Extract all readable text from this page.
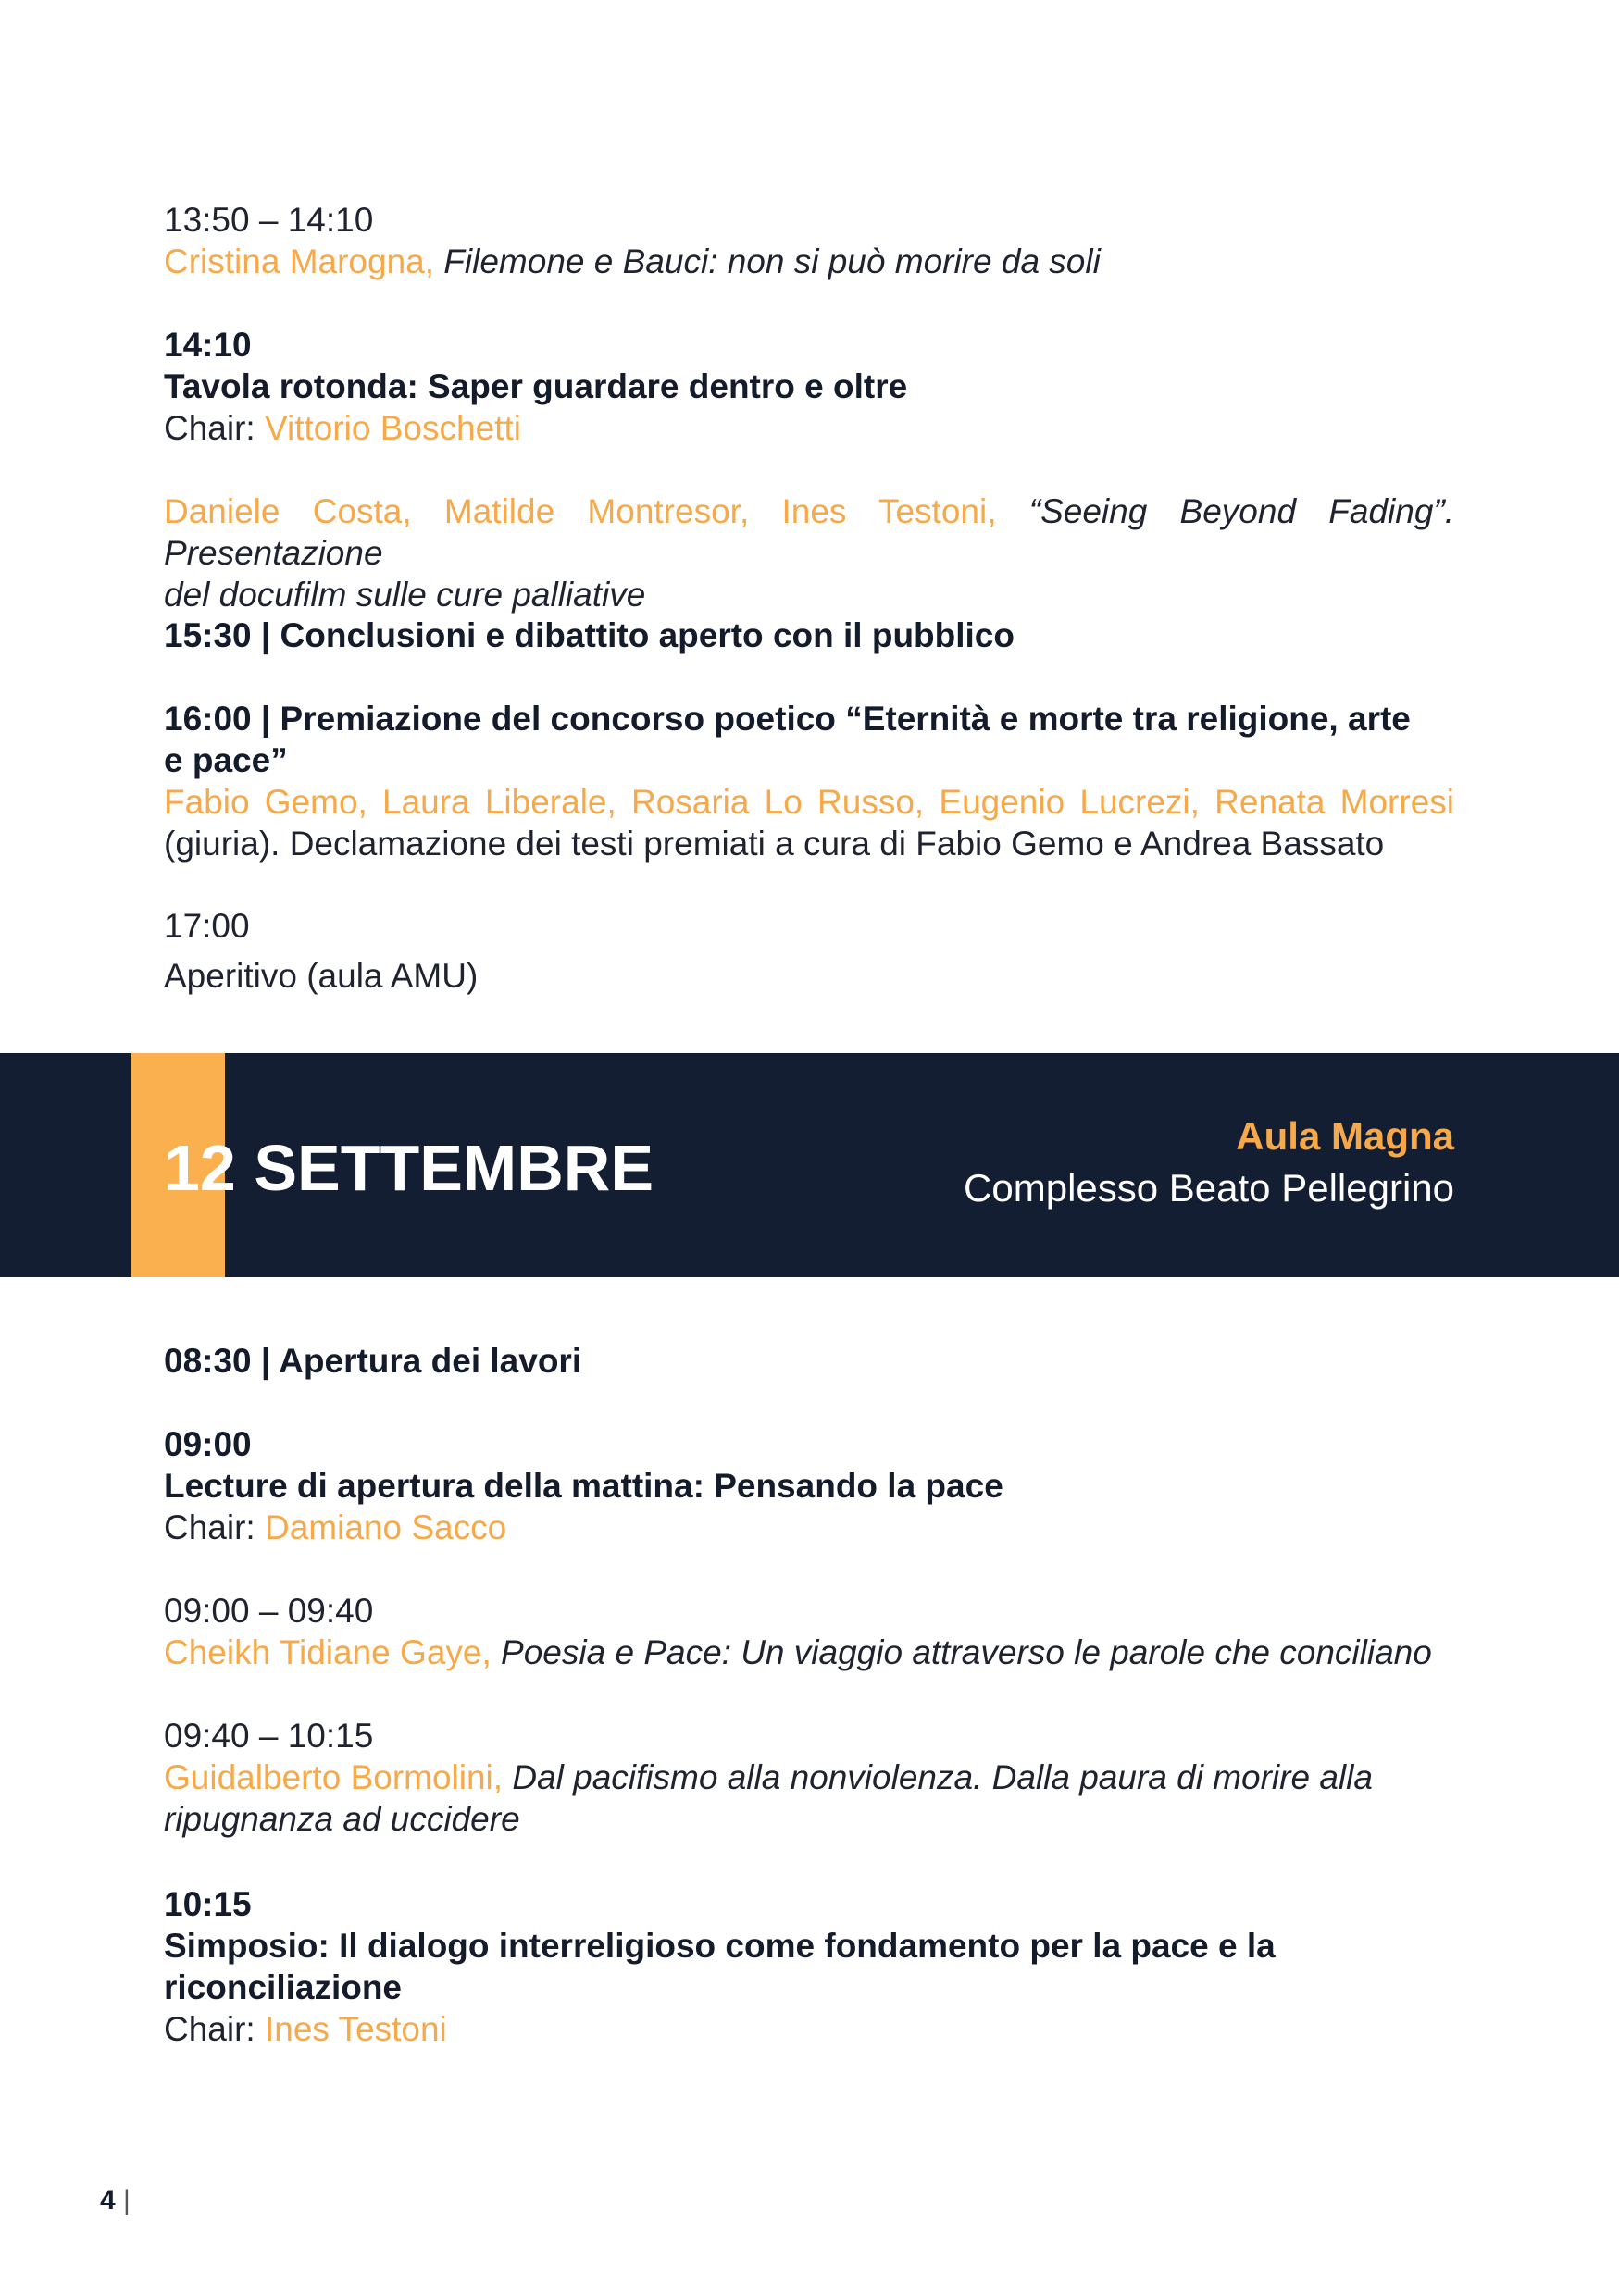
13:50 – 14:10

Cristina Marogna, Filemone e Bauci: non si può morire da soli

14:10

Tavola rotonda: Saper guardare dentro e oltre

Chair: Vittorio Boschetti

Daniele Costa, Matilde Montresor, Ines Testoni, “Seeing Beyond Fading”. Presentazione

del docufilm sulle cure palliative

15:30 | Conclusioni e dibattito aperto con il pubblico

16:00 | Premiazione del concorso poetico “Eternità e morte tra religione, arte

e pace”

Fabio Gemo, Laura Liberale, Rosaria Lo Russo, Eugenio Lucrezi, Renata Morresi

(giuria). Declamazione dei testi premiati a cura di Fabio Gemo e Andrea Bassato

17:00

Aperitivo (aula AMU)

12 SETTEMBRE	Aula Magna
Complesso Beato Pellegrino

08:30 | Apertura dei lavori

09:00

Lecture di apertura della mattina: Pensando la pace

Chair: Damiano Sacco

09:00 – 09:40

Cheikh Tidiane Gaye, Poesia e Pace: Un viaggio attraverso le parole che conciliano

09:40 – 10:15

Guidalberto Bormolini, Dal pacifismo alla nonviolenza. Dalla paura di morire alla

ripugnanza ad uccidere

10:15

Simposio: Il dialogo interreligioso come fondamento per la pace e la

riconciliazione

Chair: Ines Testoni

4 |
